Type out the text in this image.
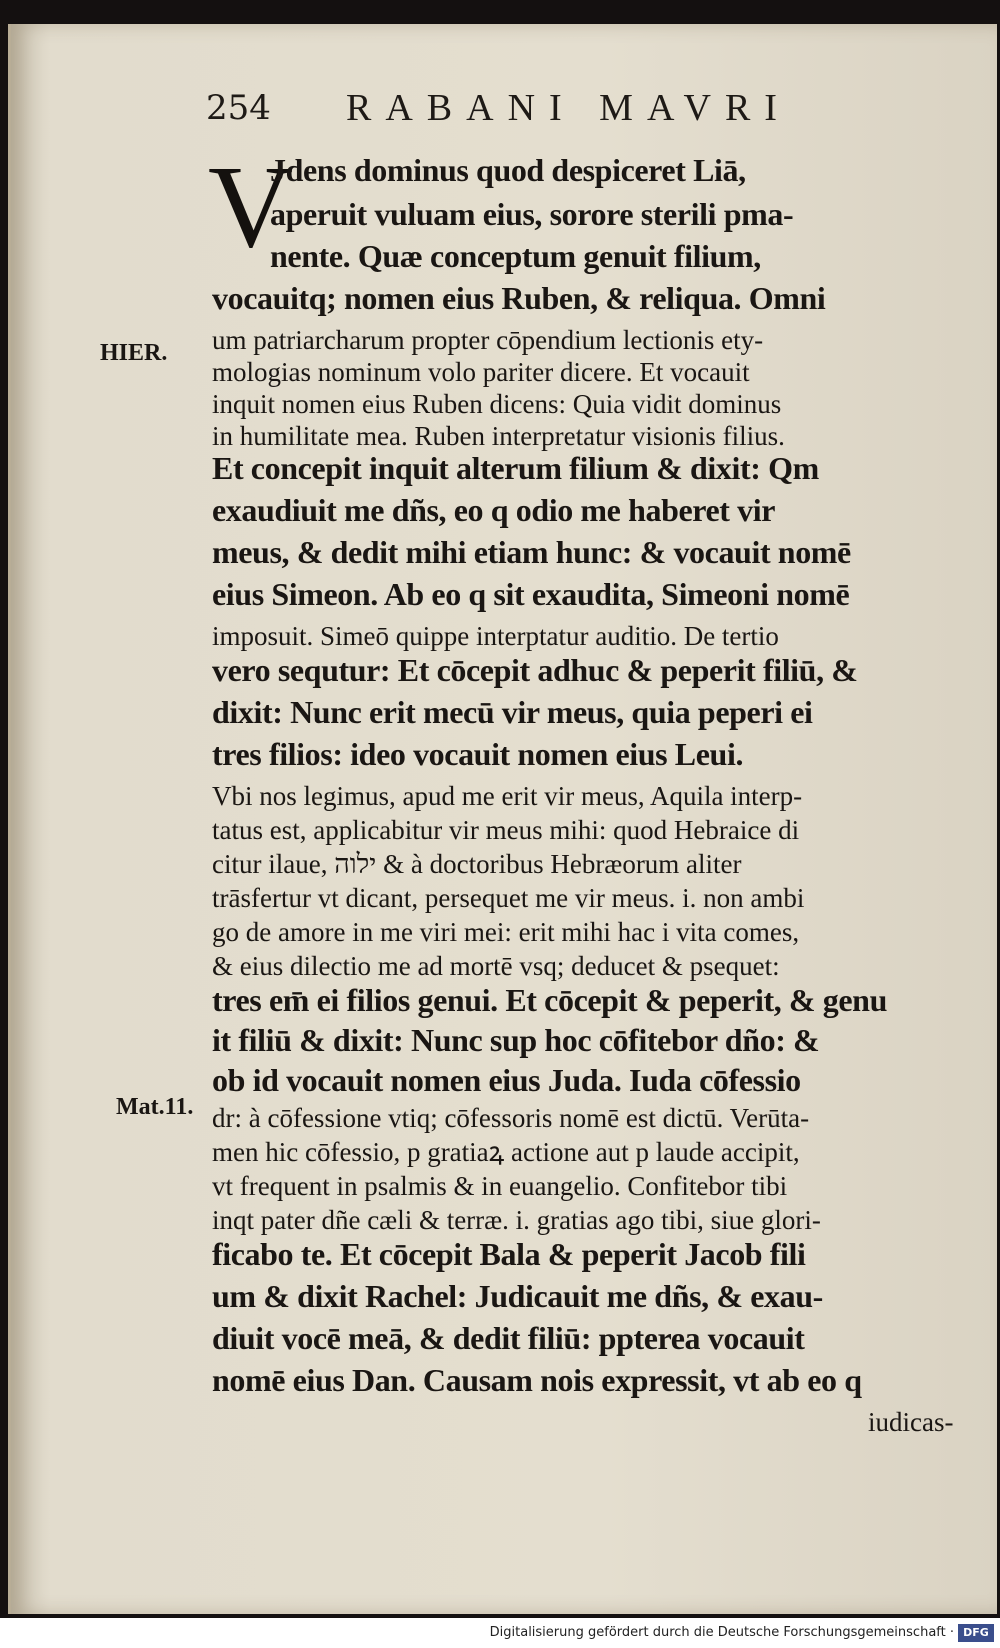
254 RABANI MAVRI
V
Jdens dominus quod despiceret Liā,
aperuit vuluam eius, sorore sterili pma-
nente. Quæ conceptum genuit filium,
vocauitq; nomen eius Ruben, & reliqua. Omni
um patriarcharum propter cōpendium lectionis ety-
mologias nominum volo pariter dicere. Et vocauit
inquit nomen eius Ruben dicens: Quia vidit dominus
in humilitate mea. Ruben interpretatur visionis filius.
Et concepit inquit alterum filium & dixit: Qm
exaudiuit me dñs, eo q odio me haberet vir
meus, & dedit mihi etiam hunc: & vocauit nomē
eius Simeon. Ab eo q sit exaudita, Simeoni nomē
imposuit. Simeō quippe interptatur auditio. De tertio
vero sequtur: Et cōcepit adhuc & peperit filiū, &
dixit: Nunc erit mecū vir meus, quia peperi ei
tres filios: ideo vocauit nomen eius Leui.
Vbi nos legimus, apud me erit vir meus, Aquila interp-
tatus est, applicabitur vir meus mihi: quod Hebraice di
citur ilaue, ילוה & à doctoribus Hebræorum aliter
trāsfertur vt dicant, persequet me vir meus. i. non ambi
go de amore in me viri mei: erit mihi hac i vita comes,
& eius dilectio me ad mortē vsq; deducet & psequet:
tres em̄ ei filios genui. Et cōcepit & peperit, & genu
it filiū & dixit: Nunc sup hoc cōfitebor dño: &
ob id vocauit nomen eius Juda. Iuda cōfessio
dr: à cōfessione vtiq; cōfessoris nomē est dictū. Verūta-
men hic cōfessio, p gratiaꝝ actione aut p laude accipit,
vt frequent in psalmis & in euangelio. Confitebor tibi
inqt pater dñe cæli & terræ. i. gratias ago tibi, siue glori-
ficabo te. Et cōcepit Bala & peperit Jacob fili
um & dixit Rachel: Judicauit me dñs, & exau-
diuit vocē meā, & dedit filiū: ppterea vocauit
nomē eius Dan. Causam nois expressit, vt ab eo q
iudicas-
HIER.
Mat.11.
Digitalisierung gefördert durch die Deutsche Forschungsgemeinschaft · DFG
